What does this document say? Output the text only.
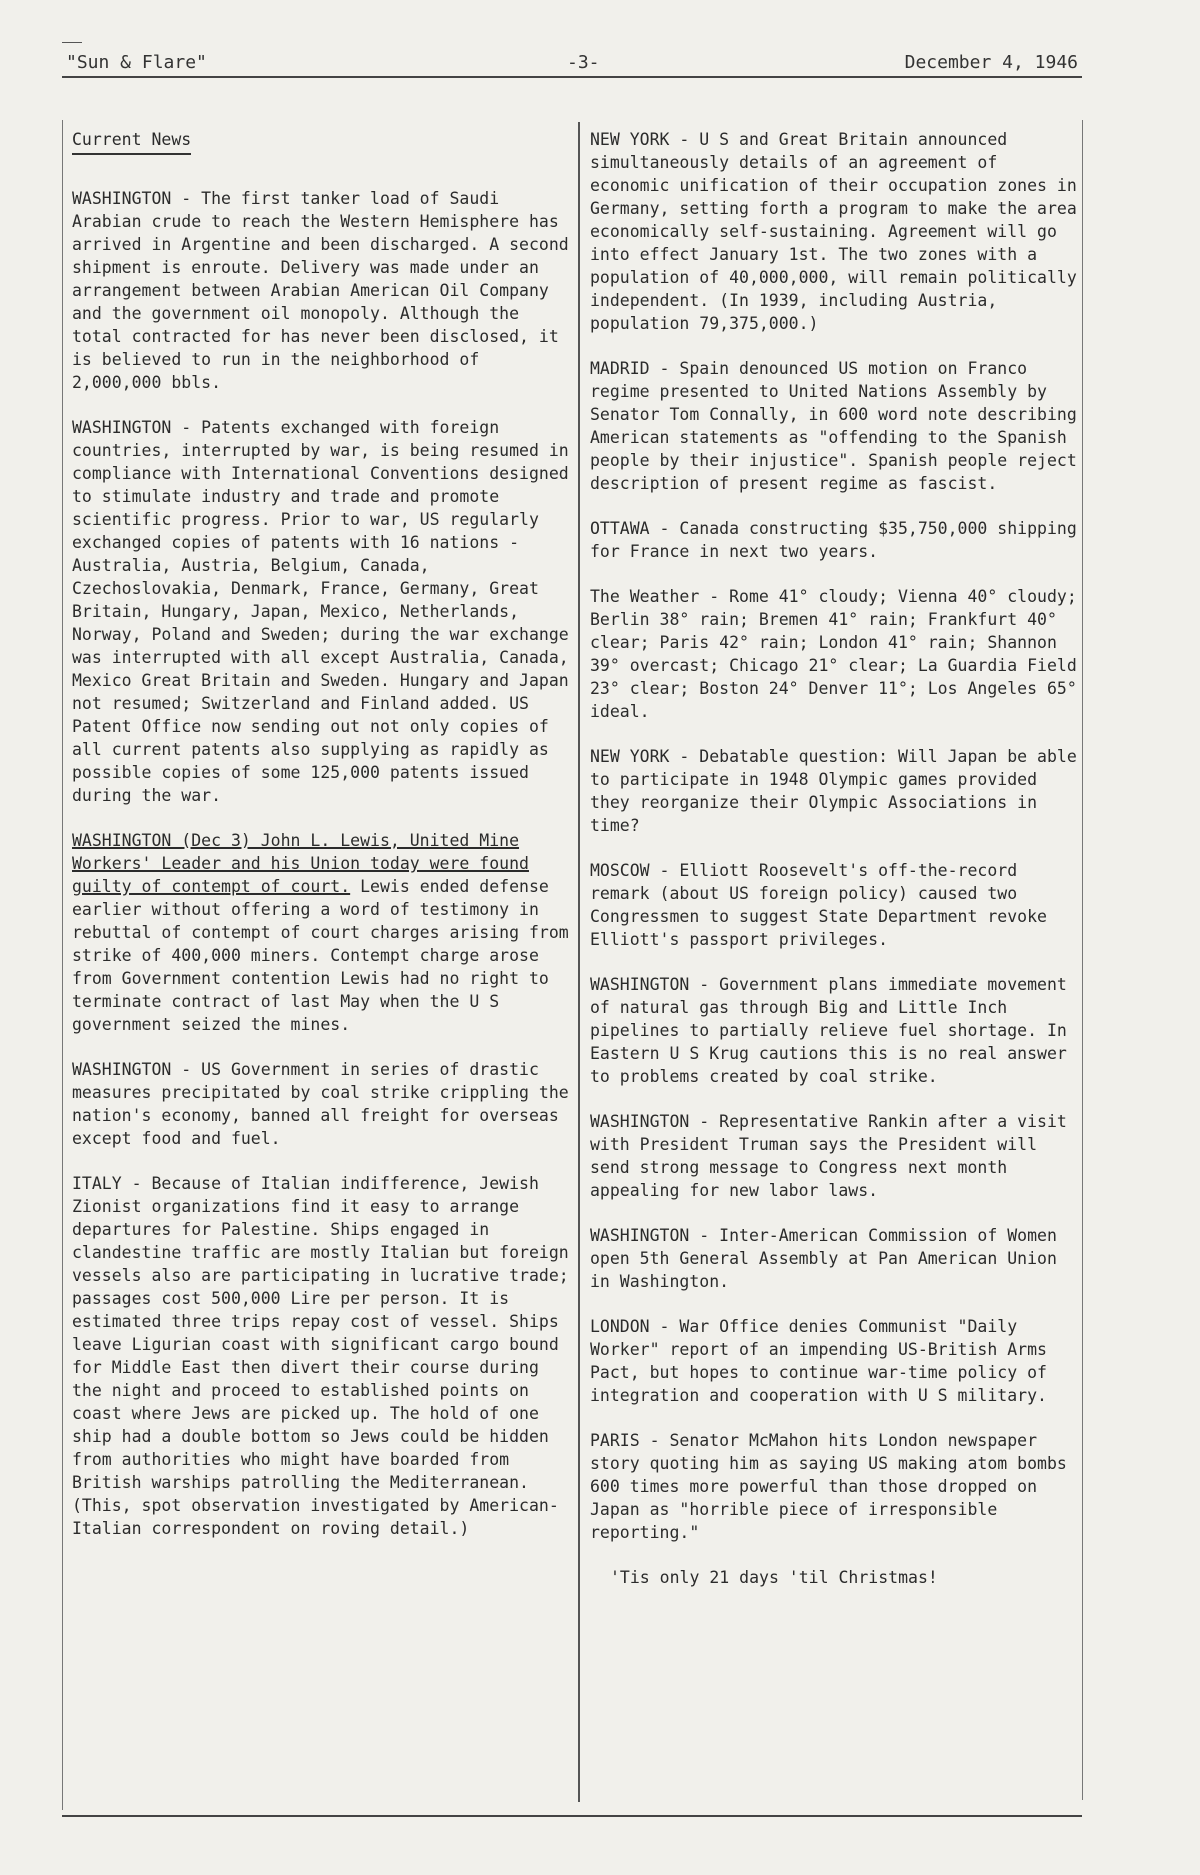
"Sun & Flare"	-3-	December 4, 1946
Current News

WASHINGTON - The first tanker load of Saudi Arabian crude to reach the Western Hemisphere has arrived in Argentine and been discharged. A second shipment is enroute. Delivery was made under an arrangement between Arabian American Oil Company and the government oil monopoly. Although the total contracted for has never been disclosed, it is believed to run in the neighborhood of 2,000,000 bbls.

WASHINGTON - Patents exchanged with foreign countries, interrupted by war, is being resumed in compliance with International Conventions designed to stimulate industry and trade and promote scientific progress. Prior to war, US regularly exchanged copies of patents with 16 nations - Australia, Austria, Belgium, Canada, Czechoslovakia, Denmark, France, Germany, Great Britain, Hungary, Japan, Mexico, Netherlands, Norway, Poland and Sweden; during the war exchange was interrupted with all except Australia, Canada, Mexico Great Britain and Sweden. Hungary and Japan not resumed; Switzerland and Finland added. US Patent Office now sending out not only copies of all current patents also supplying as rapidly as possible copies of some 125,000 patents issued during the war.

WASHINGTON (Dec 3) John L. Lewis, United Mine Workers' Leader and his Union today were found guilty of contempt of court. Lewis ended defense earlier without offering a word of testimony in rebuttal of contempt of court charges arising from strike of 400,000 miners. Contempt charge arose from Government contention Lewis had no right to terminate contract of last May when the U S government seized the mines.

WASHINGTON - US Government in series of drastic measures precipitated by coal strike crippling the nation's economy, banned all freight for overseas except food and fuel.

ITALY - Because of Italian indifference, Jewish Zionist organizations find it easy to arrange departures for Palestine. Ships engaged in clandestine traffic are mostly Italian but foreign vessels also are participating in lucrative trade; passages cost 500,000 Lire per person. It is estimated three trips repay cost of vessel. Ships leave Ligurian coast with significant cargo bound for Middle East then divert their course during the night and proceed to established points on coast where Jews are picked up. The hold of one ship had a double bottom so Jews could be hidden from authorities who might have boarded from British warships patrolling the Mediterranean. (This, spot observation investigated by American-Italian correspondent on roving detail.)

NEW YORK - U S and Great Britain announced simultaneously details of an agreement of economic unification of their occupation zones in Germany, setting forth a program to make the area economically self-sustaining. Agreement will go into effect January 1st. The two zones with a population of 40,000,000, will remain politically independent. (In 1939, including Austria, population 79,375,000.)

MADRID - Spain denounced US motion on Franco regime presented to United Nations Assembly by Senator Tom Connally, in 600 word note describing American statements as "offending to the Spanish people by their injustice". Spanish people reject description of present regime as fascist.

OTTAWA - Canada constructing $35,750,000 shipping for France in next two years.

The Weather - Rome 41° cloudy; Vienna 40° cloudy; Berlin 38° rain; Bremen 41° rain; Frankfurt 40° clear; Paris 42° rain; London 41° rain; Shannon 39° overcast; Chicago 21° clear; La Guardia Field 23° clear; Boston 24° Denver 11°; Los Angeles 65° ideal.

NEW YORK - Debatable question: Will Japan be able to participate in 1948 Olympic games provided they reorganize their Olympic Associations in time?

MOSCOW - Elliott Roosevelt's off-the-record remark (about US foreign policy) caused two Congressmen to suggest State Department revoke Elliott's passport privileges.

WASHINGTON - Government plans immediate movement of natural gas through Big and Little Inch pipelines to partially relieve fuel shortage. In Eastern U S Krug cautions this is no real answer to problems created by coal strike.

WASHINGTON - Representative Rankin after a visit with President Truman says the President will send strong message to Congress next month appealing for new labor laws.

WASHINGTON - Inter-American Commission of Women open 5th General Assembly at Pan American Union in Washington.

LONDON - War Office denies Communist "Daily Worker" report of an impending US-British Arms Pact, but hopes to continue war-time policy of integration and cooperation with U S military.

PARIS - Senator McMahon hits London newspaper story quoting him as saying US making atom bombs 600 times more powerful than those dropped on Japan as "horrible piece of irresponsible reporting."

'Tis only 21 days 'til Christmas!
